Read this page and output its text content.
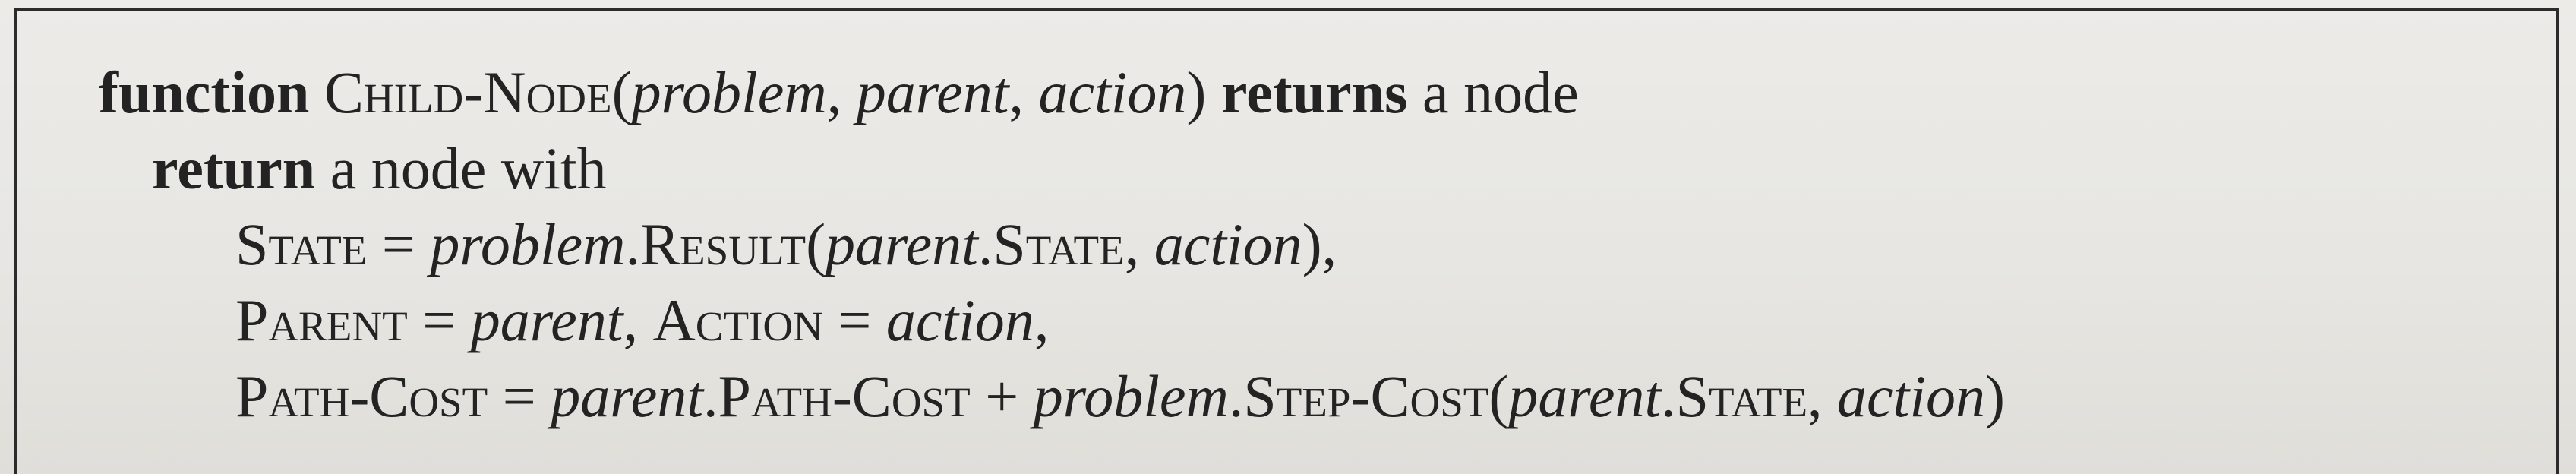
function Child-Node(problem, parent, action) returns a node
return a node with
State = problem.Result(parent.State, action),
Parent = parent, Action = action,
Path-Cost = parent.Path-Cost + problem.Step-Cost(parent.State, action)
